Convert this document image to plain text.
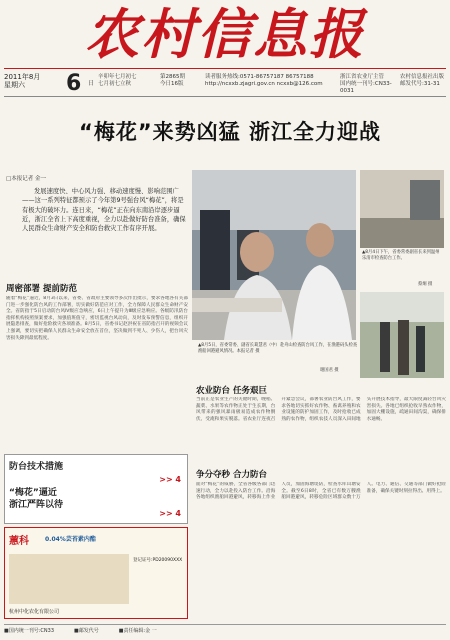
农村信息报
2011年8月
星期六	6	日
辛卯年七月初七
七月初七立秋
第2865期
今日16版
读者服务热线:0571-86757187 86757188
http://ncxxb.zjagri.gov.cn ncxxb@126.com
浙江省农业厅主管
国内统一刊号:CN33-0031
农村信息报社出版
邮发代号:31-31
“梅花”来势凶猛 浙江全力迎战
□本报记者 金一
发展速度快、中心风力强、移动速度慢、影响范围广——这一系列特征都预示了今年第9号强台风“梅花”，将是有极大的破坏力。连日来，“梅花”正在向东南沿岸逐步逼近，浙江全省上下高度重视，全力以赴做好防台准备，确保人民群众生命财产安全和防台救灾工作有序开展。
周密部署 提前防范
随着“梅花”逼近，8月3日以来，省委、省政府主要领导多次作出批示，要求各地各有关部门进一步强化防台风的工作部署，切实做好防范应对工作，全力保障人民群众生命财产安全。省防指于5日启动防台风Ⅳ级应急响应，6日上午提升为Ⅲ级应急响应。各级防汛防台指挥机构按照预案要求，加强值班值守，密切监视台风动向，及时发布预警信息，组织开展隐患排查，做好抢险救灾各项准备。8月5日，省委书记赵洪祝在省防指召开的视频会议上强调，要切实把确保人民群众生命安全放在首位，坚决做到不死人、少伤人，把台风灾害损失降到最低程度。
▲8月5日，省委常委、副省长葛慧君（中）赴舟山检查防台风工作，在渔港码头检查渔船回港避风情况。本报记者 摄
谢国君 摄
▲8月4日下午，省委常委副省长来到温州乐清市检查防台工作。
蔡炯 摄
防台技术措施
>> 4
“梅花”逼近
浙江严阵以待
>> 4
蕙科	0.04%芸苔素内酯
登记证号:PD20090XXX
杭州中化农化有限公司
农业防台 任务艰巨
当前正是农业生产的关键时期，晚稻、蔬菜、水果等农作物正处于生长期，台风带来的强风暴雨极易造成农作物倒伏、受淹和果实脱落。省农业厅连夜召开紧急会议，部署农业防台风工作，要求各地切实抓好农作物、畜禽养殖和农业设施的防护加固工作，及时抢收已成熟的农作物，组织农技人员深入田间地头开展技术指导，最大限度减轻台风灾害损失。各地已组织抢收早熟农作物，加固大棚设施，疏通田间沟渠，确保排水通畅。
争分夺秒 合力防台
面对“梅花”的威胁，全省各级各部门迅速行动，全力以赴投入防台工作。沿海各地组织渔船回港避风，转移海上作业人员，加固海塘堤防，检查水库山塘安全。截至6日8时，全省已有数万艘渔船回港避风，转移危险区域群众数十万人。电力、通信、交通等部门做好抢险准备，确保关键时刻拉得出、用得上。
■国内统一刊号:CN33	■邮发代号	■责任编辑:金 一
